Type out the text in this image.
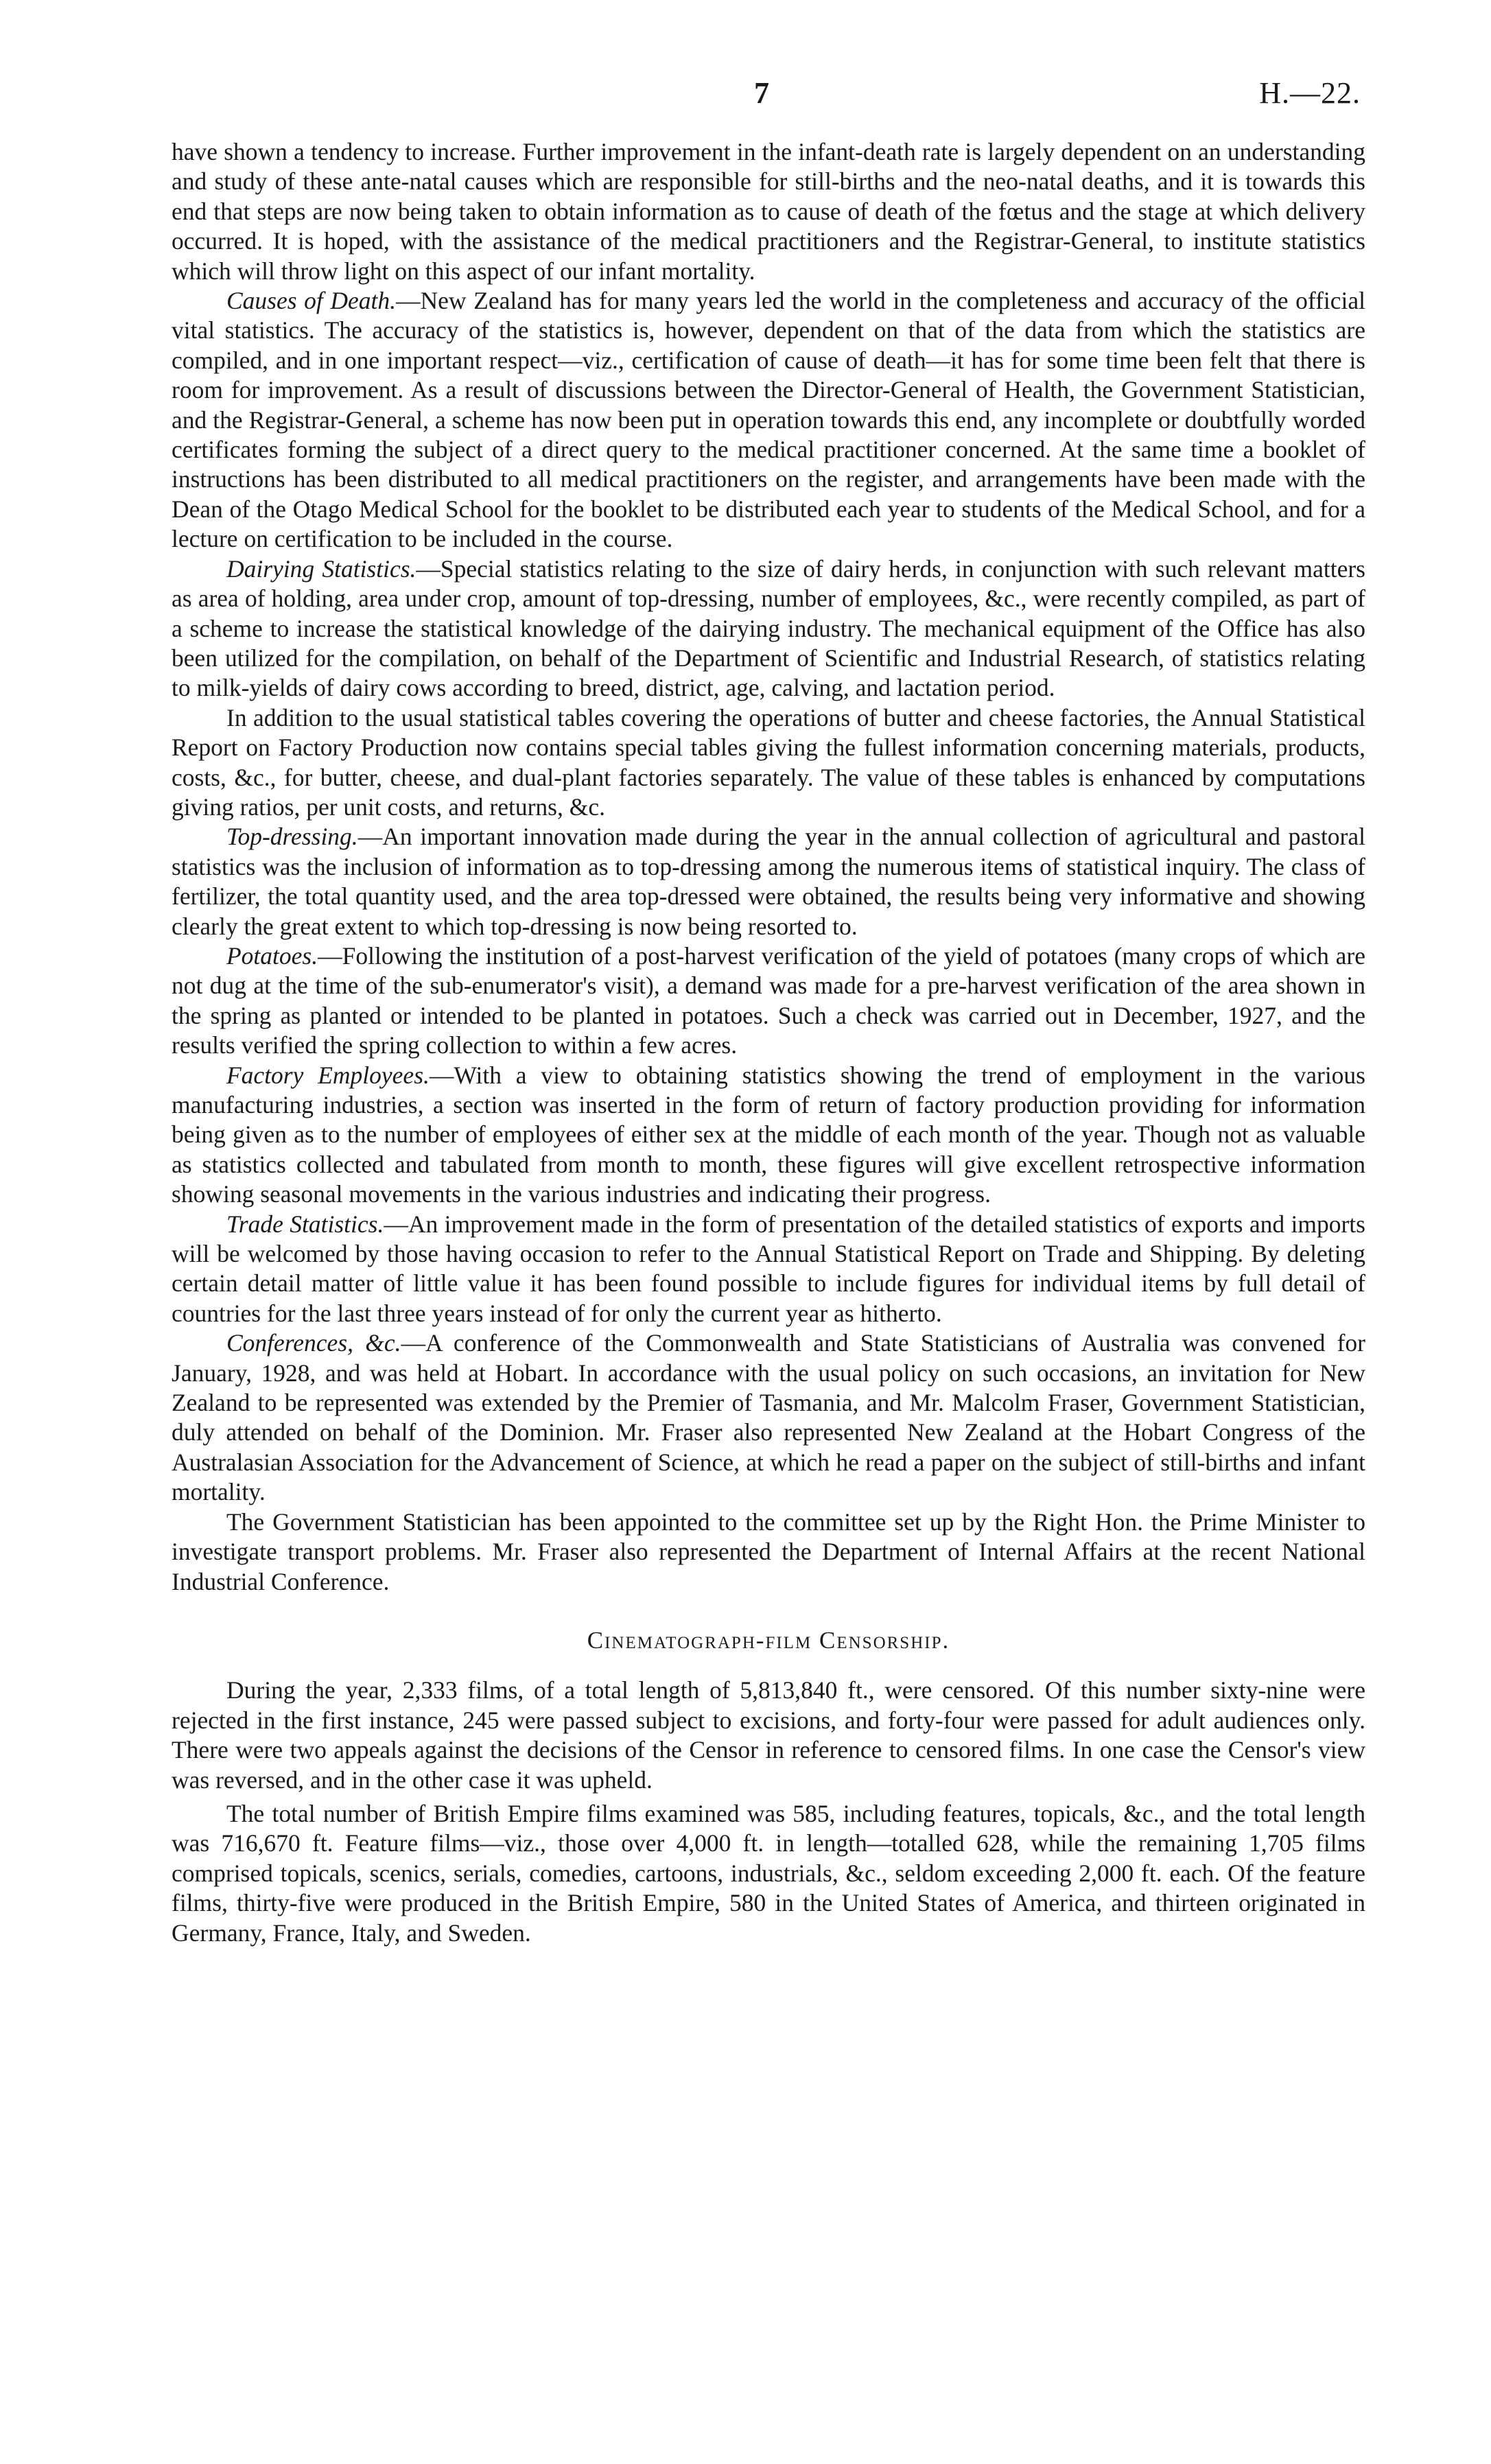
7	H.—22.

have shown a tendency to increase. Further improvement in the infant-death rate is largely dependent on an understanding and study of these ante-natal causes which are responsible for still-births and the neo-natal deaths, and it is towards this end that steps are now being taken to obtain information as to cause of death of the fœtus and the stage at which delivery occurred. It is hoped, with the assistance of the medical practitioners and the Registrar-General, to institute statistics which will throw light on this aspect of our infant mortality.

Causes of Death.—New Zealand has for many years led the world in the completeness and accuracy of the official vital statistics. The accuracy of the statistics is, however, dependent on that of the data from which the statistics are compiled, and in one important respect—viz., certification of cause of death—it has for some time been felt that there is room for improvement. As a result of discussions between the Director-General of Health, the Government Statistician, and the Registrar-General, a scheme has now been put in operation towards this end, any incomplete or doubtfully worded certificates forming the subject of a direct query to the medical practitioner concerned. At the same time a booklet of instructions has been distributed to all medical practitioners on the register, and arrangements have been made with the Dean of the Otago Medical School for the booklet to be distributed each year to students of the Medical School, and for a lecture on certification to be included in the course.

Dairying Statistics.—Special statistics relating to the size of dairy herds, in conjunction with such relevant matters as area of holding, area under crop, amount of top-dressing, number of employees, &c., were recently compiled, as part of a scheme to increase the statistical knowledge of the dairying industry. The mechanical equipment of the Office has also been utilized for the compilation, on behalf of the Department of Scientific and Industrial Research, of statistics relating to milk-yields of dairy cows according to breed, district, age, calving, and lactation period.

In addition to the usual statistical tables covering the operations of butter and cheese factories, the Annual Statistical Report on Factory Production now contains special tables giving the fullest information concerning materials, products, costs, &c., for butter, cheese, and dual-plant factories separately. The value of these tables is enhanced by computations giving ratios, per unit costs, and returns, &c.

Top-dressing.—An important innovation made during the year in the annual collection of agricultural and pastoral statistics was the inclusion of information as to top-dressing among the numerous items of statistical inquiry. The class of fertilizer, the total quantity used, and the area top-dressed were obtained, the results being very informative and showing clearly the great extent to which top-dressing is now being resorted to.

Potatoes.—Following the institution of a post-harvest verification of the yield of potatoes (many crops of which are not dug at the time of the sub-enumerator's visit), a demand was made for a pre-harvest verification of the area shown in the spring as planted or intended to be planted in potatoes. Such a check was carried out in December, 1927, and the results verified the spring collection to within a few acres.

Factory Employees.—With a view to obtaining statistics showing the trend of employment in the various manufacturing industries, a section was inserted in the form of return of factory production providing for information being given as to the number of employees of either sex at the middle of each month of the year. Though not as valuable as statistics collected and tabulated from month to month, these figures will give excellent retrospective information showing seasonal movements in the various industries and indicating their progress.

Trade Statistics.—An improvement made in the form of presentation of the detailed statistics of exports and imports will be welcomed by those having occasion to refer to the Annual Statistical Report on Trade and Shipping. By deleting certain detail matter of little value it has been found possible to include figures for individual items by full detail of countries for the last three years instead of for only the current year as hitherto.

Conferences, &c.—A conference of the Commonwealth and State Statisticians of Australia was convened for January, 1928, and was held at Hobart. In accordance with the usual policy on such occasions, an invitation for New Zealand to be represented was extended by the Premier of Tasmania, and Mr. Malcolm Fraser, Government Statistician, duly attended on behalf of the Dominion. Mr. Fraser also represented New Zealand at the Hobart Congress of the Australasian Association for the Advancement of Science, at which he read a paper on the subject of still-births and infant mortality.

The Government Statistician has been appointed to the committee set up by the Right Hon. the Prime Minister to investigate transport problems. Mr. Fraser also represented the Department of Internal Affairs at the recent National Industrial Conference.

Cinematograph-film Censorship.

During the year, 2,333 films, of a total length of 5,813,840 ft., were censored. Of this number sixty-nine were rejected in the first instance, 245 were passed subject to excisions, and forty-four were passed for adult audiences only. There were two appeals against the decisions of the Censor in reference to censored films. In one case the Censor's view was reversed, and in the other case it was upheld.

The total number of British Empire films examined was 585, including features, topicals, &c., and the total length was 716,670 ft. Feature films—viz., those over 4,000 ft. in length—totalled 628, while the remaining 1,705 films comprised topicals, scenics, serials, comedies, cartoons, industrials, &c., seldom exceeding 2,000 ft. each. Of the feature films, thirty-five were produced in the British Empire, 580 in the United States of America, and thirteen originated in Germany, France, Italy, and Sweden.
